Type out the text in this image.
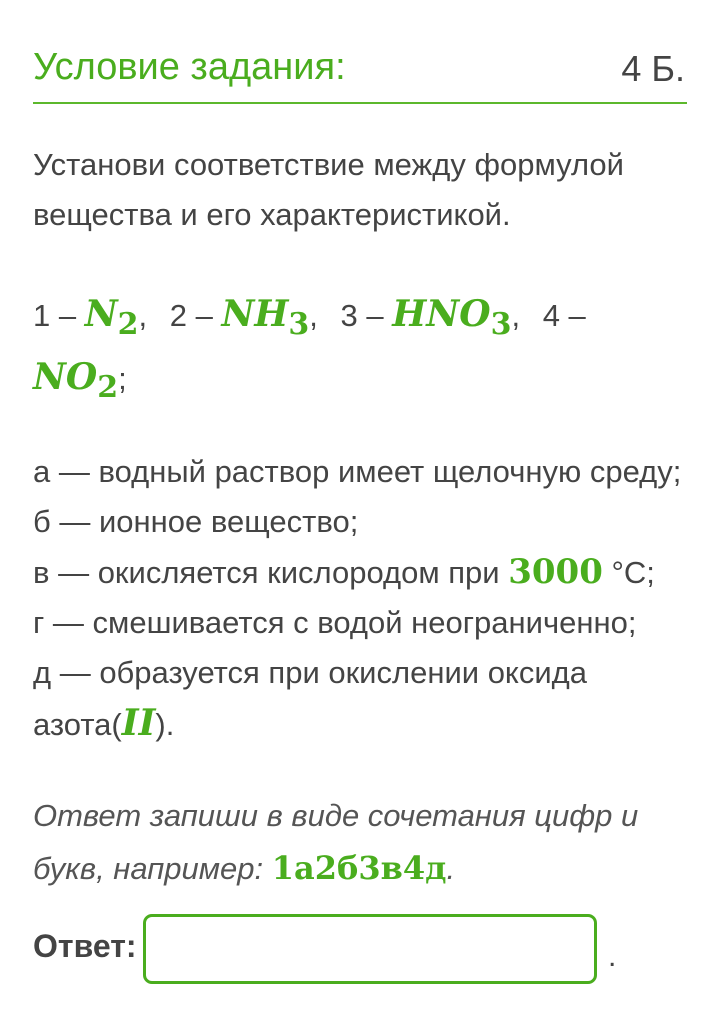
Условие задания:	4 Б.
Установи соответствие между формулой вещества и его характеристикой.
$1 - N_2$, $2 - NH_3$, $3 - HNO_3$, $4 - NO_2$;
а — водный раствор имеет щелочную среду;
б — ионное вещество;
в — окисляется кислородом при 3000 °С;
г — смешивается с водой неограниченно;
д — образуется при окислении оксида
азота(II).
Ответ запиши в виде сочетания цифр и букв, например: 1а2б3в4д.
Ответ:	.
